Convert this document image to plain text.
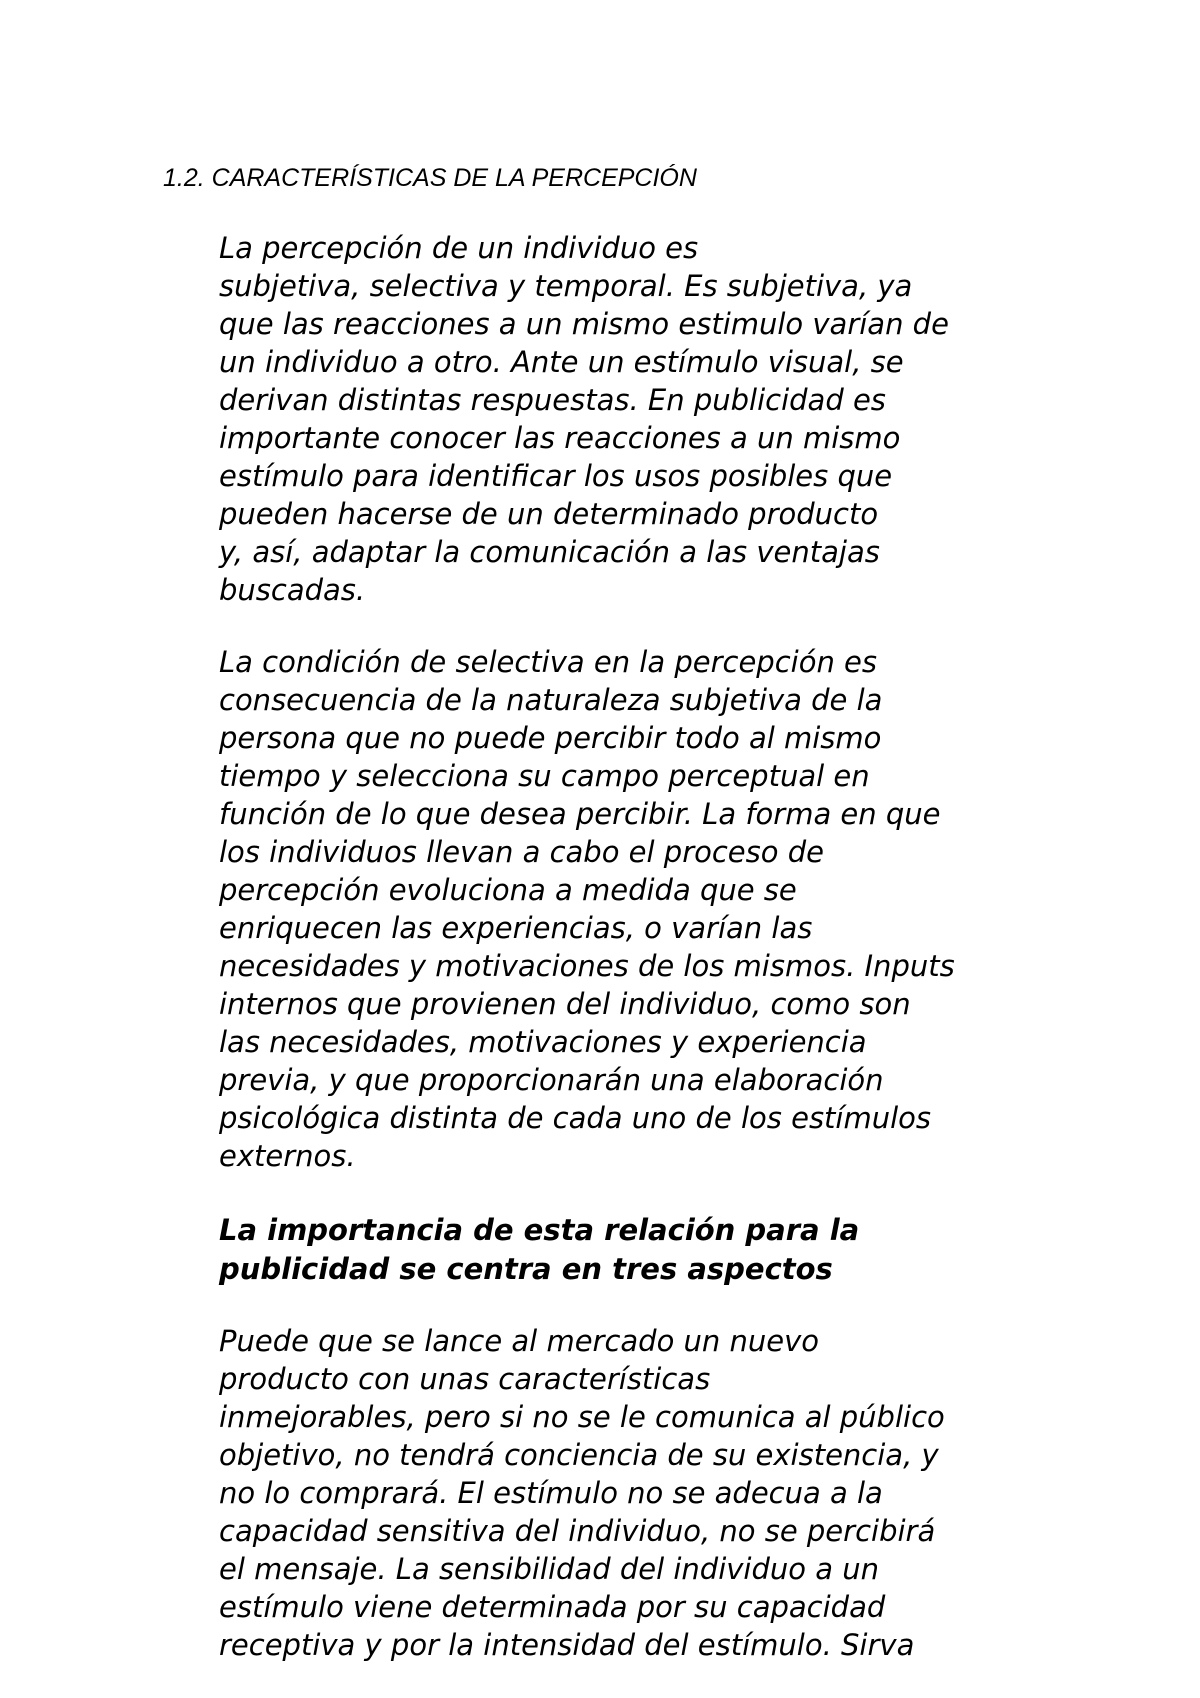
1.2. CARACTERÍSTICAS DE LA PERCEPCIÓN

La percepción de un individuo es
subjetiva, selectiva y temporal. Es subjetiva, ya
que las reacciones a un mismo estimulo varían de
un individuo a otro. Ante un estímulo visual, se
derivan distintas respuestas. En publicidad es
importante conocer las reacciones a un mismo
estímulo para identificar los usos posibles que
pueden hacerse de un determinado producto
y, así, adaptar la comunicación a las ventajas
buscadas.

La condición de selectiva en la percepción es
consecuencia de la naturaleza subjetiva de la
persona que no puede percibir todo al mismo
tiempo y selecciona su campo perceptual en
función de lo que desea percibir. La forma en que
los individuos llevan a cabo el proceso de
percepción evoluciona a medida que se
enriquecen las experiencias, o varían las
necesidades y motivaciones de los mismos. Inputs
internos que provienen del individuo, como son
las necesidades, motivaciones y experiencia
previa, y que proporcionarán una elaboración
psicológica distinta de cada uno de los estímulos
externos.

La importancia de esta relación para la
publicidad se centra en tres aspectos

Puede que se lance al mercado un nuevo
producto con unas características
inmejorables, pero si no se le comunica al público
objetivo, no tendrá conciencia de su existencia, y
no lo comprará. El estímulo no se adecua a la
capacidad sensitiva del individuo, no se percibirá
el mensaje. La sensibilidad del individuo a un
estímulo viene determinada por su capacidad
receptiva y por la intensidad del estímulo. Sirva
